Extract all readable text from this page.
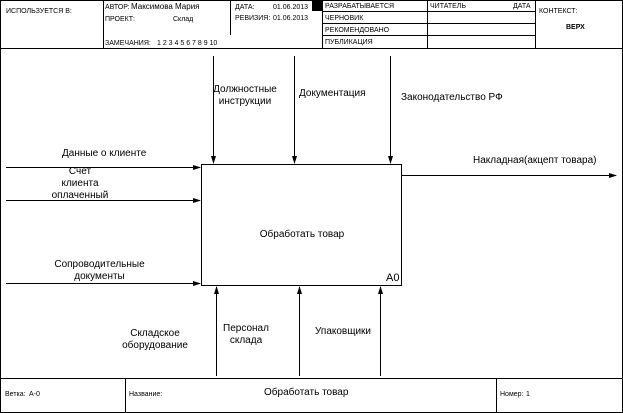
ИСПОЛЬЗУЕТСЯ В:
АВТОР: Максимова Мария
ПРОЕКТ:	Склад
ЗАМЕЧАНИЯ: 1 2 3 4 5 6 7 8 9 10
ДАТА:	01.06.2013
РЕВИЗИЯ: 01.06.2013
РАЗРАБАТЫВАЕТСЯ
ЧЕРНОВИК
РЕКОМЕНДОВАНО
ПУБЛИКАЦИЯ
ЧИТАТЕЛЬ	ДАТА
КОНТЕКСТ:
ВЕРХ
Обработать товар
A0
Данные о клиенте
Счет
клиента
оплаченный
Сопроводительные
документы
Должностные
инструкции
Документация	Законодательство РФ
Накладная(акцепт товара)
Складское
оборудование
Персонал
склада
Упаковщики
Ветка: A-0	Название:	Обработать товар	Номер: 1
